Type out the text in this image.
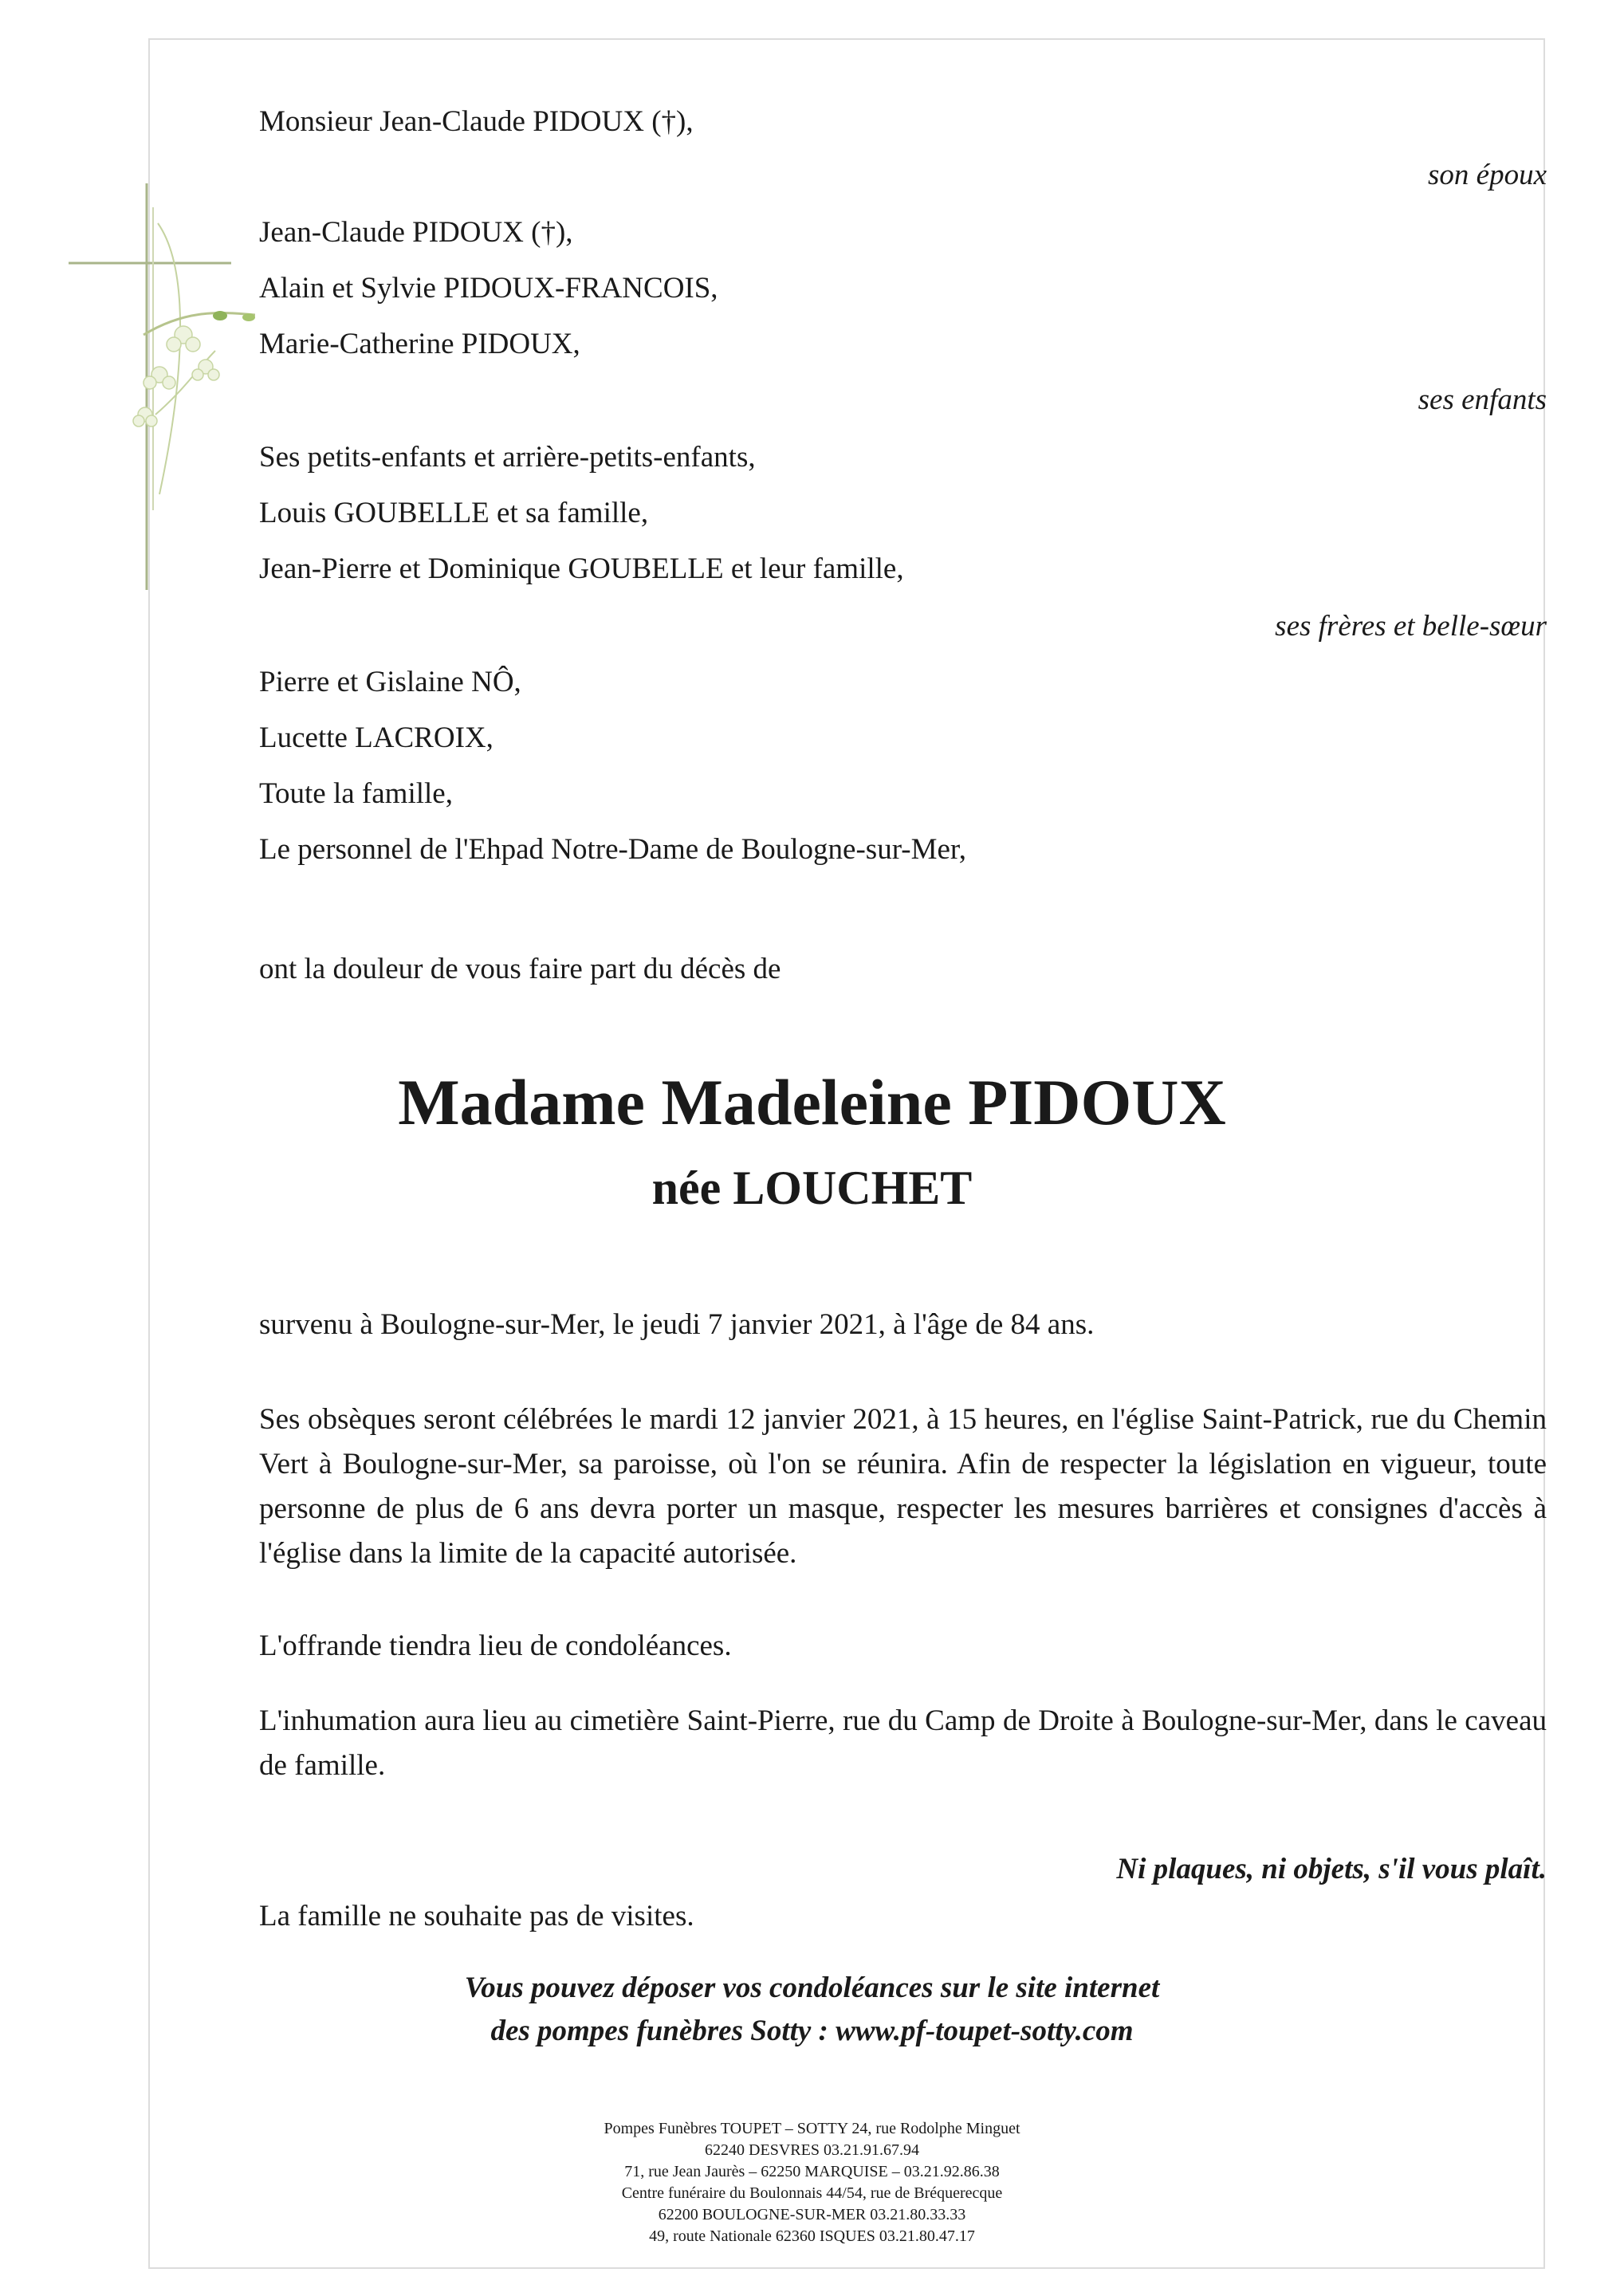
Monsieur Jean-Claude PIDOUX (†),
son époux
Jean-Claude PIDOUX (†),
Alain et Sylvie PIDOUX-FRANCOIS,
Marie-Catherine PIDOUX,
ses enfants
Ses petits-enfants et arrière-petits-enfants,
Louis GOUBELLE et sa famille,
Jean-Pierre et Dominique GOUBELLE et leur famille,
ses frères et belle-sœur
Pierre et Gislaine NÔ,
Lucette LACROIX,
Toute la famille,
Le personnel de l'Ehpad Notre-Dame de Boulogne-sur-Mer,
ont la douleur de vous faire part du décès de
Madame Madeleine PIDOUX
née LOUCHET
survenu à Boulogne-sur-Mer, le jeudi 7 janvier 2021, à l'âge de 84 ans.
Ses obsèques seront célébrées le mardi 12 janvier 2021, à 15 heures, en l'église Saint-Patrick, rue du Chemin Vert à Boulogne-sur-Mer, sa paroisse, où l'on se réunira. Afin de respecter la législation en vigueur, toute personne de plus de 6 ans devra porter un masque, respecter les mesures barrières et consignes d'accès à l'église dans la limite de la capacité autorisée.
L'offrande tiendra lieu de condoléances.
L'inhumation aura lieu au cimetière Saint-Pierre, rue du Camp de Droite à Boulogne-sur-Mer, dans le caveau de famille.
Ni plaques, ni objets, s'il vous plaît.
La famille ne souhaite pas de visites.
Vous pouvez déposer vos condoléances sur le site internet
des pompes funèbres Sotty : www.pf-toupet-sotty.com
Pompes Funèbres TOUPET – SOTTY 24, rue Rodolphe Minguet
62240 DESVRES 03.21.91.67.94
71, rue Jean Jaurès – 62250 MARQUISE – 03.21.92.86.38
Centre funéraire du Boulonnais 44/54, rue de Bréquerecque
62200 BOULOGNE-SUR-MER 03.21.80.33.33
49, route Nationale 62360 ISQUES 03.21.80.47.17
